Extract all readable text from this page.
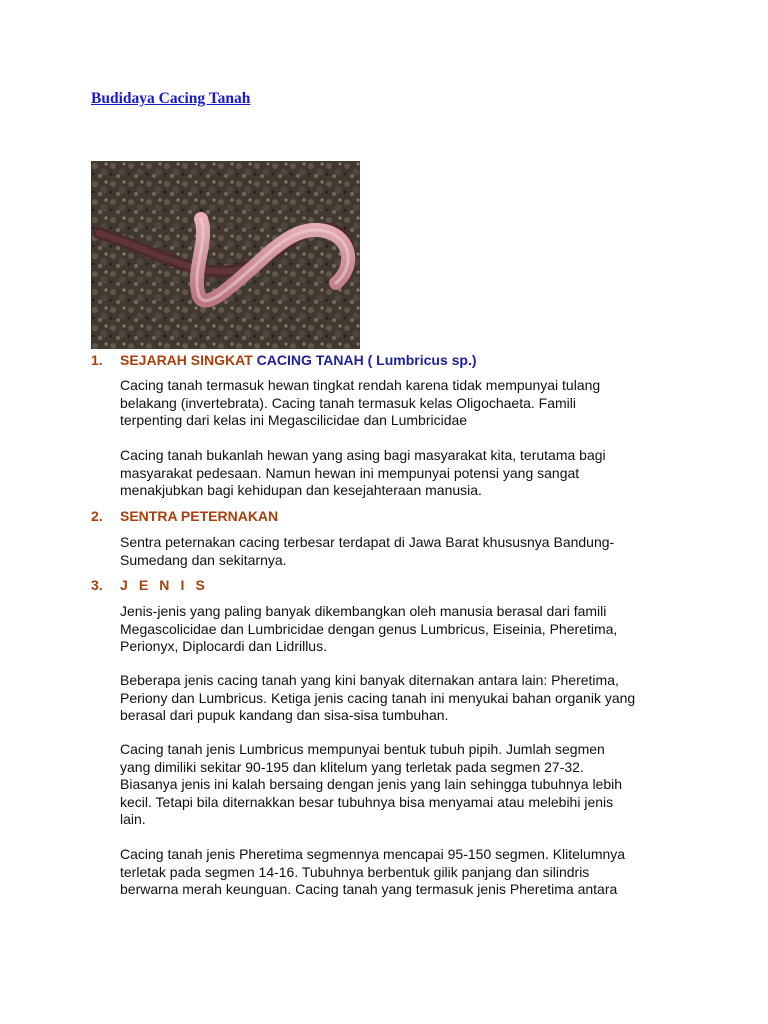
Budidaya Cacing Tanah
1. SEJARAH SINGKAT CACING TANAH ( Lumbricus sp.)

Cacing tanah termasuk hewan tingkat rendah karena tidak mempunyai tulang
belakang (invertebrata). Cacing tanah termasuk kelas Oligochaeta. Famili
terpenting dari kelas ini Megascilicidae dan Lumbricidae

Cacing tanah bukanlah hewan yang asing bagi masyarakat kita, terutama bagi
masyarakat pedesaan. Namun hewan ini mempunyai potensi yang sangat
menakjubkan bagi kehidupan dan kesejahteraan manusia.

2. SENTRA PETERNAKAN

Sentra peternakan cacing terbesar terdapat di Jawa Barat khususnya Bandung-
Sumedang dan sekitarnya.

3. J E N I S

Jenis-jenis yang paling banyak dikembangkan oleh manusia berasal dari famili
Megascolicidae dan Lumbricidae dengan genus Lumbricus, Eiseinia, Pheretima,
Perionyx, Diplocardi dan Lidrillus.

Beberapa jenis cacing tanah yang kini banyak diternakan antara lain: Pheretima,
Periony dan Lumbricus. Ketiga jenis cacing tanah ini menyukai bahan organik yang
berasal dari pupuk kandang dan sisa-sisa tumbuhan.

Cacing tanah jenis Lumbricus mempunyai bentuk tubuh pipih. Jumlah segmen
yang dimiliki sekitar 90-195 dan klitelum yang terletak pada segmen 27-32.
Biasanya jenis ini kalah bersaing dengan jenis yang lain sehingga tubuhnya lebih
kecil. Tetapi bila diternakkan besar tubuhnya bisa menyamai atau melebihi jenis
lain.

Cacing tanah jenis Pheretima segmennya mencapai 95-150 segmen. Klitelumnya
terletak pada segmen 14-16. Tubuhnya berbentuk gilik panjang dan silindris
berwarna merah keunguan. Cacing tanah yang termasuk jenis Pheretima antara
